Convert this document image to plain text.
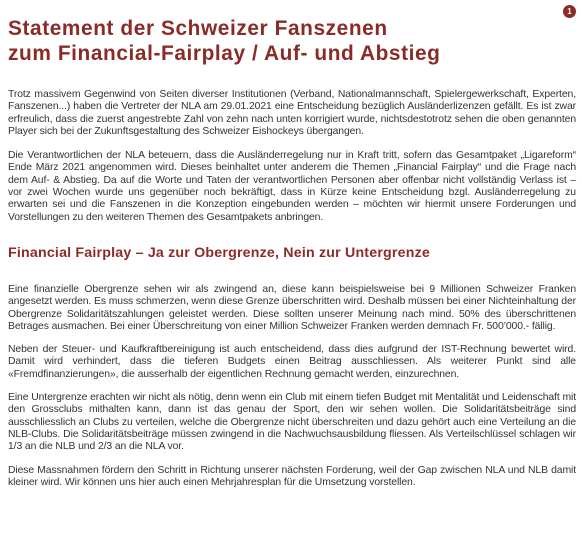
1
Statement der Schweizer Fanszenen
zum Financial-Fairplay / Auf- und Abstieg

Trotz massivem Gegenwind von Seiten diverser Institutionen (Verband, Nationalmannschaft, Spielergewerkschaft, Experten, Fanszenen...) haben die Vertreter der NLA am 29.01.2021 eine Entscheidung bezüglich Ausländerlizenzen gefällt. Es ist zwar erfreulich, dass die zuerst angestrebte Zahl von zehn nach unten korrigiert wurde, nichtsdestotrotz sehen die oben genannten Player sich bei der Zukunftsgestaltung des Schweizer Eishockeys übergangen.

Die Verantwortlichen der NLA beteuern, dass die Ausländerregelung nur in Kraft tritt, sofern das Gesamtpaket „Ligareform“ Ende März 2021 angenommen wird. Dieses beinhaltet unter anderem die Themen „Financial Fairplay“ und die Frage nach dem Auf- & Abstieg. Da auf die Worte und Taten der verantwortlichen Personen aber offenbar nicht vollständig Verlass ist – vor zwei Wochen wurde uns gegenüber noch bekräftigt, dass in Kürze keine Entscheidung bzgl. Ausländerregelung zu erwarten sei und die Fanszenen in die Konzeption eingebunden werden – möchten wir hiermit unsere Forderungen und Vorstellungen zu den weiteren Themen des Gesamtpakets anbringen.

Financial Fairplay – Ja zur Obergrenze, Nein zur Untergrenze

Eine finanzielle Obergrenze sehen wir als zwingend an, diese kann beispielsweise bei 9 Millionen Schweizer Franken angesetzt werden. Es muss schmerzen, wenn diese Grenze überschritten wird. Deshalb müssen bei einer Nichteinhaltung der Obergrenze Solidaritätszahlungen geleistet werden. Diese sollten unserer Meinung nach mind. 50% des überschrittenen Betrages ausmachen. Bei einer Überschreitung von einer Million Schweizer Franken werden demnach Fr. 500’000.- fällig.

Neben der Steuer- und Kaufkraftbereinigung ist auch entscheidend, dass dies aufgrund der IST-Rechnung bewertet wird. Damit wird verhindert, dass die tieferen Budgets einen Beitrag ausschliessen. Als weiterer Punkt sind alle «Fremdfinanzierungen», die ausserhalb der eigentlichen Rechnung gemacht werden, einzurechnen.

Eine Untergrenze erachten wir nicht als nötig, denn wenn ein Club mit einem tiefen Budget mit Mentalität und Leidenschaft mit den Grossclubs mithalten kann, dann ist das genau der Sport, den wir sehen wollen. Die Solidaritätsbeiträge sind ausschliesslich an Clubs zu verteilen, welche die Obergrenze nicht überschreiten und dazu gehört auch eine Verteilung an die NLB-Clubs. Die Solidaritätsbeiträge müssen zwingend in die Nachwuchsausbildung fliessen. Als Verteilschlüssel schlagen wir 1/3 an die NLB und 2/3 an die NLA vor.

Diese Massnahmen fördern den Schritt in Richtung unserer nächsten Forderung, weil der Gap zwischen NLA und NLB damit kleiner wird. Wir können uns hier auch einen Mehrjahresplan für die Umsetzung vorstellen.
